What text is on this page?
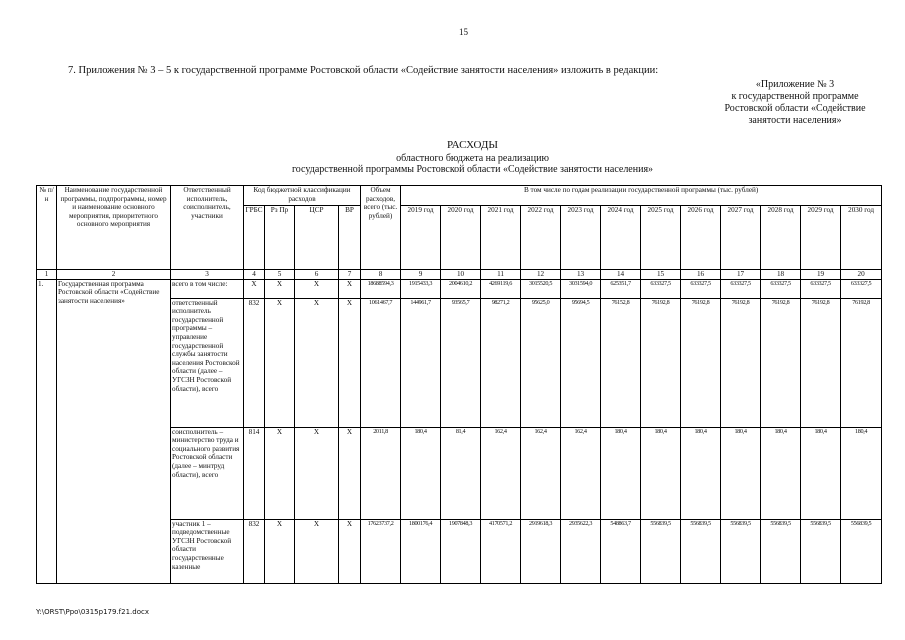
15
7. Приложения № 3 – 5 к государственной программе Ростовской области «Содействие занятости населения» изложить в редакции:
«Приложение № 3
к государственной программе
Ростовской области «Содействие
занятости населения»
РАСХОДЫ
областного бюджета на реализацию
государственной программы Ростовской области «Содействие занятости населения»
№ п/н	Наименование государственной программы, подпрограммы, номер и наименование основного мероприятия, приоритетного основного мероприятия	Ответственный исполнитель, соисполнитель, участники	Код бюджетной классификации расходов				Объем расходов, всего (тыс. рублей)	В том числе по годам реализации государственной программы (тыс. рублей)											
			ГРБС	Рз Пр	ЦСР	ВР		2019 год	2020 год	2021 год	2022 год	2023 год	2024 год	2025 год	2026 год	2027 год	2028 год	2029 год	2030 год
1	2	3	4	5	6	7	8	9	10	11	12	13	14	15	16	17	18	19	20
1.	Государственная программа Ростовской области «Содействие занятости населения»	всего в том числе:	Х	Х	Х	Х	18688594,3	1915433,3	2004610,2	4269119,6	3015520,5	3031594,0	625351,7	633327,5	633327,5	633327,5	633327,5	633327,5	633327,5
		ответственный исполнитель государственной программы – управление государственной службы занятости населения Ростовской области (далее – УГСЗН Ростовской области), всего	832	Х	Х	Х	1061467,7	144961,7	93565,7	98271,2	95625,0	95694,5	76152,8	76192,8	76192,8	76192,8	76192,8	76192,8	76192,8
		соисполнитель – министерство труда и социального развития Ростовской области (далее – минтруд области), всего	814	Х	Х	Х	2011,8	180,4	81,4	162,4	162,4	162,4	180,4	180,4	180,4	180,4	180,4	180,4	180,4
		участник 1 – подведомственные УГСЗН Ростовской области государственные казенные	832	Х	Х	Х	17623737,2	1800176,4	1907848,3	4170571,2	2919618,3	2935622,3	548863,7	556839,5	556839,5	556839,5	556839,5	556839,5	556839,5
Y:\ORST\Ppo\0315p179.f21.docx
